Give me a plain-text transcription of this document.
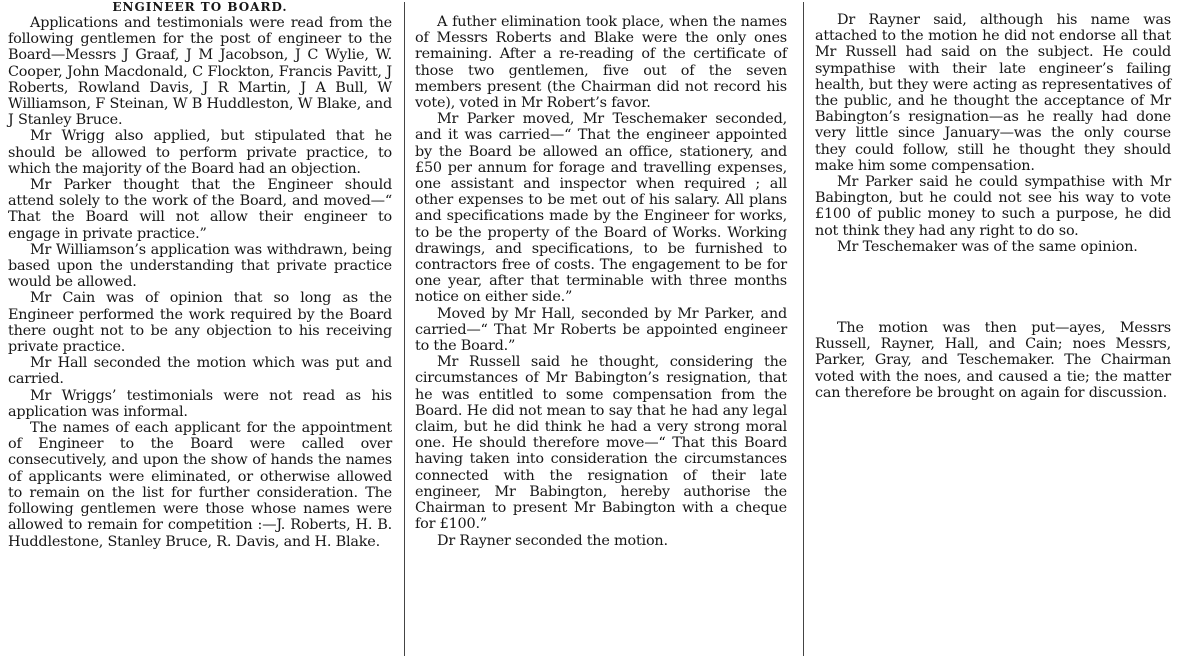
ENGINEER TO BOARD.

Applications and testimonials were read from the following gentlemen for the post of engineer to the Board—Messrs J Graaf, J M Jacobson, J C Wylie, W. Cooper, John Macdonald, C Flockton, Francis Pavitt, J Roberts, Rowland Davis, J R Martin, J A Bull, W Williamson, F Steinan, W B Huddleston, W Blake, and J Stanley Bruce.

Mr Wrigg also applied, but stipulated that he should be allowed to perform private practice, to which the majority of the Board had an objection.

Mr Parker thought that the Engineer should attend solely to the work of the Board, and moved—“ That the Board will not allow their engineer to engage in private practice.”

Mr Williamson’s application was withdrawn, being based upon the understanding that private practice would be allowed.

Mr Cain was of opinion that so long as the Engineer performed the work required by the Board there ought not to be any objection to his receiving private practice.

Mr Hall seconded the motion which was put and carried.

Mr Wriggs’ testimonials were not read as his application was informal.

The names of each applicant for the appointment of Engineer to the Board were called over consecutively, and upon the show of hands the names of applicants were eliminated, or otherwise allowed to remain on the list for further consideration. The following gentlemen were those whose names were allowed to remain for competition :—J. Roberts, H. B. Huddlestone, Stanley Bruce, R. Davis, and H. Blake.

A futher elimination took place, when the names of Messrs Roberts and Blake were the only ones remaining. After a re-reading of the certificate of those two gentlemen, five out of the seven members present (the Chairman did not record his vote), voted in Mr Robert’s favor.

Mr Parker moved, Mr Teschemaker seconded, and it was carried—“ That the engineer appointed by the Board be allowed an office, stationery, and £50 per annum for forage and travelling expenses, one assistant and inspector when required ; all other expenses to be met out of his salary. All plans and specifications made by the Engineer for works, to be the property of the Board of Works. Working drawings, and specifications, to be furnished to contractors free of costs. The engagement to be for one year, after that terminable with three months notice on either side.”

Moved by Mr Hall, seconded by Mr Parker, and carried—“ That Mr Roberts be appointed engineer to the Board.”

Mr Russell said he thought, considering the circumstances of Mr Babington’s resignation, that he was entitled to some compensation from the Board. He did not mean to say that he had any legal claim, but he did think he had a very strong moral one. He should therefore move—“ That this Board having taken into consideration the circumstances connected with the resignation of their late engineer, Mr Babington, hereby authorise the Chairman to present Mr Babington with a cheque for £100.”

Dr Rayner seconded the motion.

Dr Rayner said, although his name was attached to the motion he did not endorse all that Mr Russell had said on the subject. He could sympathise with their late engineer’s failing health, but they were acting as representatives of the public, and he thought the acceptance of Mr Babington’s resignation—as he really had done very little since January—was the only course they could follow, still he thought they should make him some compensation.

Mr Parker said he could sympathise with Mr Babington, but he could not see his way to vote £100 of public money to such a purpose, he did not think they had any right to do so.

Mr Teschemaker was of the same opinion.

The motion was then put—ayes, Messrs Russell, Rayner, Hall, and Cain; noes Messrs, Parker, Gray, and Teschemaker. The Chairman voted with the noes, and caused a tie; the matter can therefore be brought on again for discussion.
